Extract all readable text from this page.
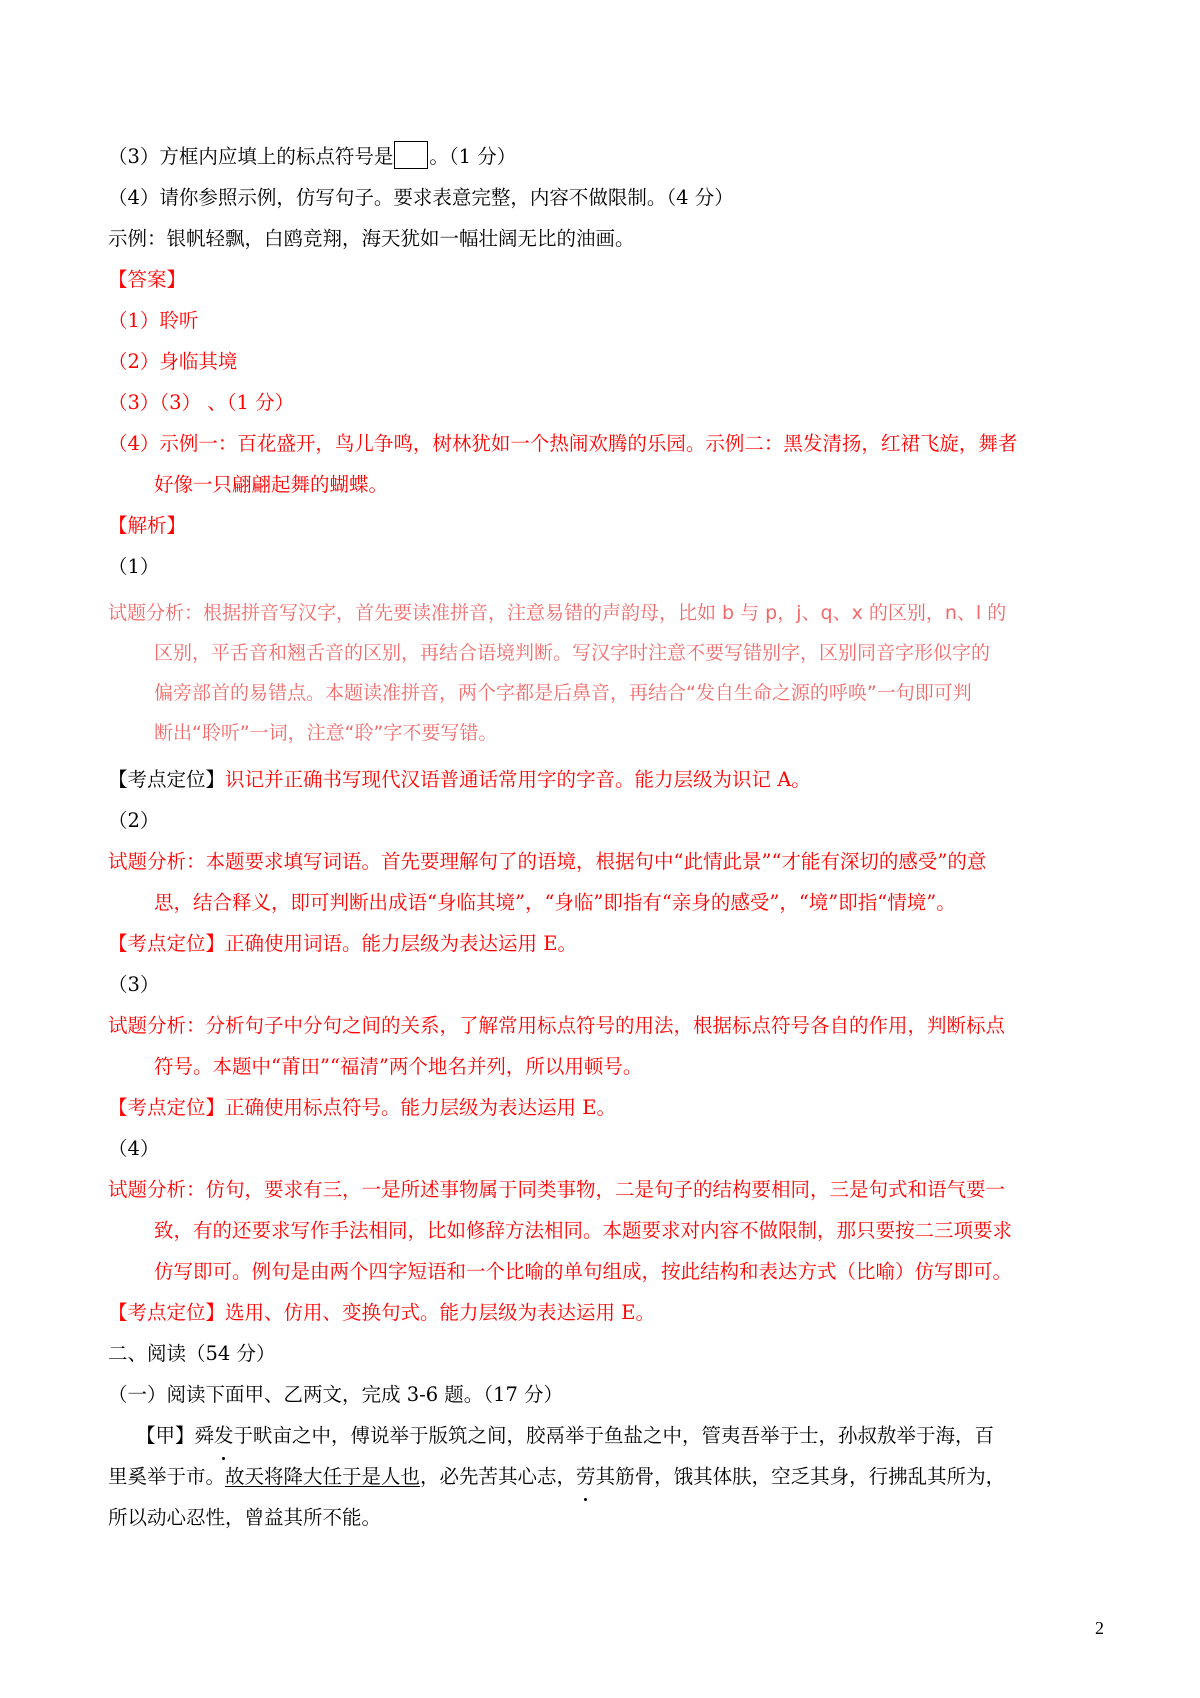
（3）方框内应填上的标点符号是 。（1 分）
（4）请你参照示例，仿写句子。要求表意完整，内容不做限制。（4 分）
示例：银帆轻飘，白鸥竞翔，海天犹如一幅壮阔无比的油画。
【答案】
（1）聆听
（2）身临其境
（3）（3） 、（1 分）
（4）示例一：百花盛开，鸟儿争鸣，树林犹如一个热闹欢腾的乐园。示例二：黑发清扬，红裙飞旋，舞者
好像一只翩翩起舞的蝴蝶。
【解析】
（1）
试题分析：根据拼音写汉字，首先要读准拼音，注意易错的声韵母，比如 b 与 p，j、q、x 的区别，n、l 的
区别，平舌音和翘舌音的区别，再结合语境判断。写汉字时注意不要写错别字，区别同音字形似字的
偏旁部首的易错点。本题读准拼音，两个字都是后鼻音，再结合“发自生命之源的呼唤”一句即可判
断出“聆听”一词，注意“聆”字不要写错。
【考点定位】识记并正确书写现代汉语普通话常用字的字音。能力层级为识记 A。
（2）
试题分析：本题要求填写词语。首先要理解句了的语境，根据句中“此情此景”“才能有深切的感受”的意
思，结合释义，即可判断出成语“身临其境”，“身临”即指有“亲身的感受”，“境”即指“情境”。
【考点定位】正确使用词语。能力层级为表达运用 E。
（3）
试题分析：分析句子中分句之间的关系，了解常用标点符号的用法，根据标点符号各自的作用，判断标点
符号。本题中“莆田”“福清”两个地名并列，所以用顿号。
【考点定位】正确使用标点符号。能力层级为表达运用 E。
（4）
试题分析：仿句，要求有三，一是所述事物属于同类事物，二是句子的结构要相同，三是句式和语气要一
致，有的还要求写作手法相同，比如修辞方法相同。本题要求对内容不做限制，那只要按二三项要求
仿写即可。例句是由两个四字短语和一个比喻的单句组成，按此结构和表达方式（比喻）仿写即可。
【考点定位】选用、仿用、变换句式。能力层级为表达运用 E。
二、阅读（54 分）
（一）阅读下面甲、乙两文，完成 3-6 题。（17 分）
【甲】舜发于畎亩之中，傅说举于版筑之间，胶鬲举于鱼盐之中，管夷吾举于士，孙叔敖举于海，百
里奚举于市。故天将降大任于是人也，必先苦其心志，劳其筋骨，饿其体肤，空乏其身，行拂乱其所为，
所以动心忍性，曾益其所不能。
2
